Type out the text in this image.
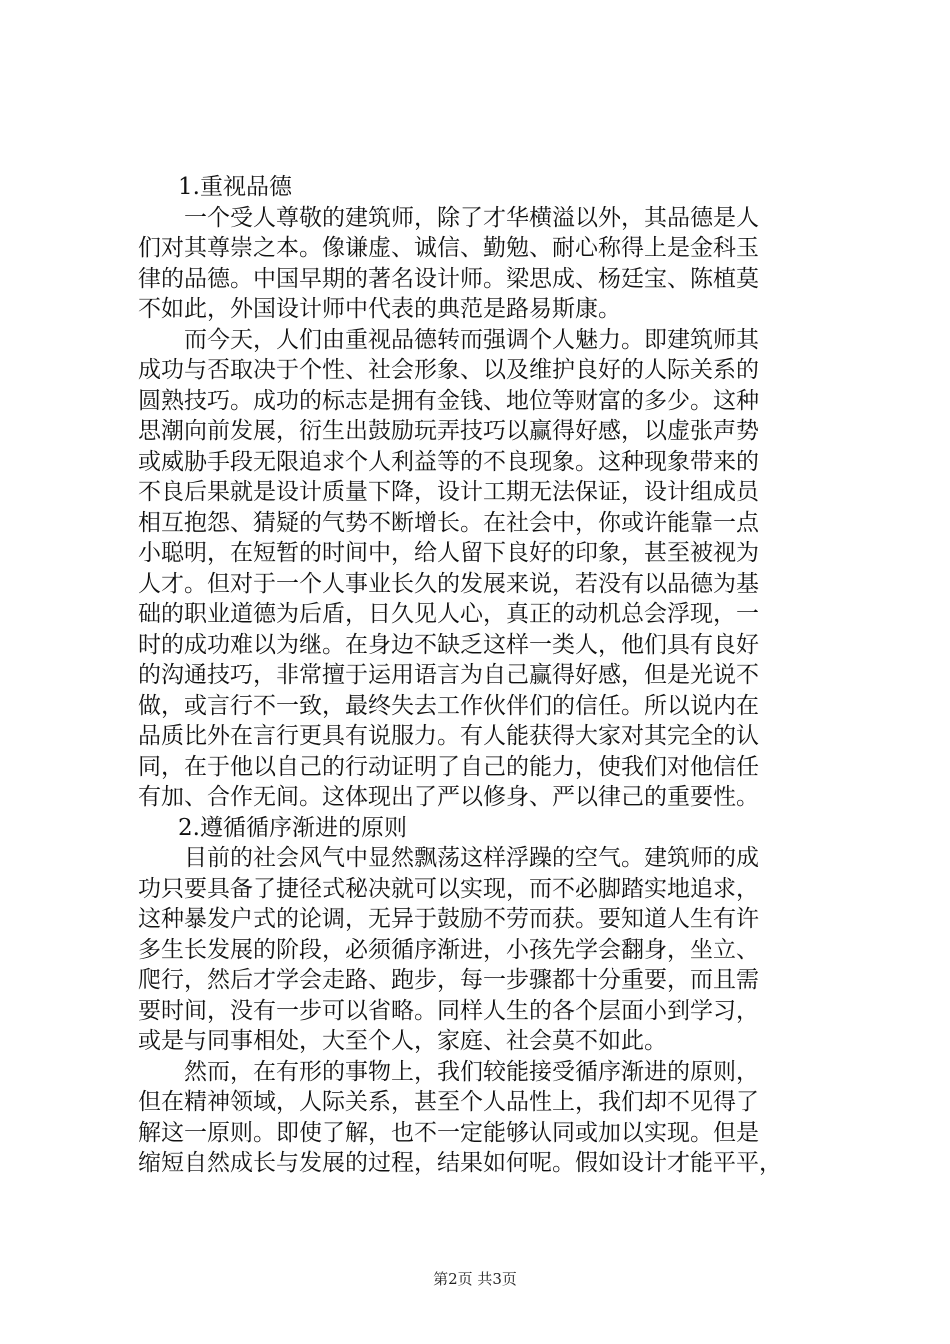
1.重视品德
一个受人尊敬的建筑师，除了才华横溢以外，其品德是人
们对其尊崇之本。像谦虚、诚信、勤勉、耐心称得上是金科玉
律的品德。中国早期的著名设计师。梁思成、杨廷宝、陈植莫
不如此，外国设计师中代表的典范是路易斯康。
而今天，人们由重视品德转而强调个人魅力。即建筑师其
成功与否取决于个性、社会形象、以及维护良好的人际关系的
圆熟技巧。成功的标志是拥有金钱、地位等财富的多少。这种
思潮向前发展，衍生出鼓励玩弄技巧以赢得好感，以虚张声势
或威胁手段无限追求个人利益等的不良现象。这种现象带来的
不良后果就是设计质量下降，设计工期无法保证，设计组成员
相互抱怨、猜疑的气势不断增长。在社会中，你或许能靠一点
小聪明，在短暂的时间中，给人留下良好的印象，甚至被视为
人才。但对于一个人事业长久的发展来说，若没有以品德为基
础的职业道德为后盾，日久见人心，真正的动机总会浮现，一
时的成功难以为继。在身边不缺乏这样一类人，他们具有良好
的沟通技巧，非常擅于运用语言为自己赢得好感，但是光说不
做，或言行不一致，最终失去工作伙伴们的信任。所以说内在
品质比外在言行更具有说服力。有人能获得大家对其完全的认
同，在于他以自己的行动证明了自己的能力，使我们对他信任
有加、合作无间。这体现出了严以修身、严以律己的重要性。
2.遵循循序渐进的原则
目前的社会风气中显然飘荡这样浮躁的空气。建筑师的成
功只要具备了捷径式秘决就可以实现，而不必脚踏实地追求，
这种暴发户式的论调，无异于鼓励不劳而获。要知道人生有许
多生长发展的阶段，必须循序渐进，小孩先学会翻身，坐立、
爬行，然后才学会走路、跑步，每一步骤都十分重要，而且需
要时间，没有一步可以省略。同样人生的各个层面小到学习，
或是与同事相处，大至个人，家庭、社会莫不如此。
然而，在有形的事物上，我们较能接受循序渐进的原则，
但在精神领域，人际关系，甚至个人品性上，我们却不见得了
解这一原则。即使了解，也不一定能够认同或加以实现。但是
缩短自然成长与发展的过程，结果如何呢。假如设计才能平平，
第2页 共3页
